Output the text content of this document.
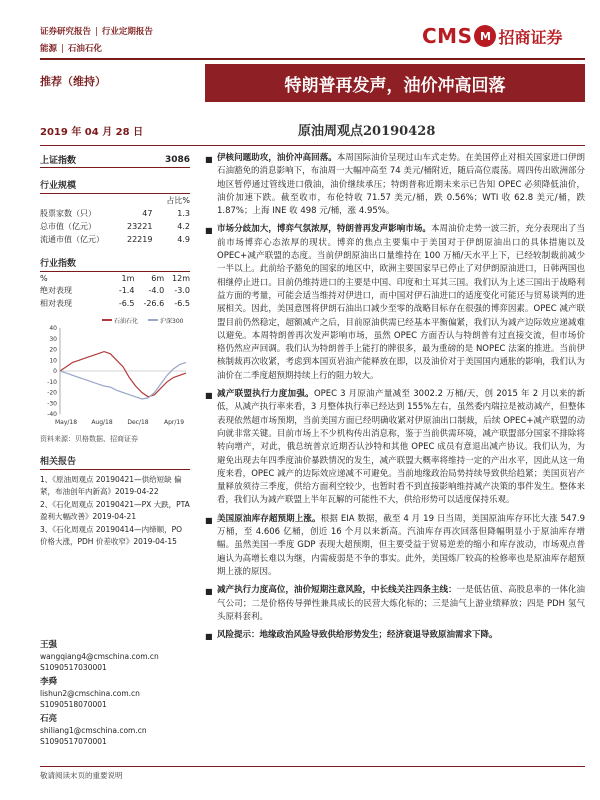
证券研究报告 | 行业定期报告
能源 | 石油石化
CMS M 招商证券
推荐（维持）	特朗普再发声，油价冲高回落
2019 年 04 月 28 日	原油周观点20190428
上证指数	3086
行业规模
		占比%
股票家数（只）	47	1.3
总市值（亿元）	23221	4.2
流通市值（亿元）	22219	4.9
行业指数
%	1m	6m	12m
绝对表现	-1.4	-4.0	-3.0
相对表现	-6.5	-26.6	-6.5
石油石化	沪深300
40
30
20
10
0
-10
-20
-30
-40
May/18 Aug/18 Dec/18	Apr/19
资料来源：贝格数据、招商证券
相关报告
1、《原油周观点 20190421—供给短缺 偏紧，布油创年内新高》2019-04-22
2、《石化周观点 20190421—PX 大跌，PTA 盈利大幅改善》2019-04-21
3、《石化周观点 20190414—内缔顺，PO 价格大涨，PDH 价差收窄》2019-04-15
王强
wangqiang4@cmschina.com.cn
S1090517030001
李舜
lishun2@cmschina.com.cn
S1090518070001
石亮
shiliang1@cmschina.com.cn
S1090517070001
■ 伊核问题助攻，油价冲高回落。本周国际油价呈现过山车式走势。在美国停止对相关国家进口伊朗石油豁免的消息影响下，布油周一大幅冲高至 74 美元/桶附近，随后高位震荡。周四传出欧洲部分地区暂停通过管线进口俄油，油价继续承压；特朗普称近期未来示已告知 OPEC 必须降低油价，油价加速下跌。截至收市，布伦特收 71.57 美元/桶，跌 0.56%；WTI 收 62.8 美元/桶，跌 1.87%；上海 INE 收 498 元/桶，涨 4.95%。
■ 市场分歧加大，博弈气氛浓厚，特朗普再发声影响市场。本周油价走势一波三折，充分表现出了当前市场博弈心态浓厚的现状。博弈的焦点主要集中于美国对于伊朗原油出口的具体措施以及 OPEC+减产联盟的态度。当前伊朗原油出口量维持在 100 万桶/天水平上下，已经较制裁前减少一半以上。此前给予豁免的国家的地区中，欧洲主要国家早已停止了对伊朗原油进口，日韩两国也相继停止进口。目前仍维持进口的主要是中国、印度和土耳其三国。我们认为上述三国出于战略利益方面的考量，可能会适当维持对伊进口，而中国对伊石油进口的适度变化可能还与贸易谈判的进展相关。因此，美国意图将伊朗石油出口减少至零的战略目标存在很强的博弈因素。OPEC 减产联盟目前仍然稳定，超额减产之后，目前原油供需已经基本平衡偏紧，我们认为减产边际效应递减难以避免。本周特朗普再次发声影响市场，虽然 OPEC 方面否认与特朗普有过直接交流，但市场价格仍然应声回调。我们认为特朗普手上能打的牌很多，最为重磅的是 NOPEC 法案的推进。当前伊核制裁再次收紧，考虑到本国页岩油产能释放在即，以及油价对于美国国内通胀的影响，我们认为油价在二季度超预期持续上行的阻力较大。
■ 减产联盟执行力度加强。OPEC 3 月原油产量减至 3002.2 万桶/天，创 2015 年 2 月以来的新低，从减产执行率来看，3 月整体执行率已经达到 155%左右，虽然委内瑞拉是被动减产，但整体表现依然超市场预期，当前美国方面已经明确收紧对伊原油出口制裁，后续 OPEC+减产联盟的动向就非常关键。目前市场上不少机构传出消息称，鉴于当前供需环境，减产联盟部分国家不排除将转向增产，对此，俄总统普京近期否认沙特和其他 OPEC 成员有意退出减产协议。我们认为，为避免出现去年四季度油价暴跌情况的发生，减产联盟大概率将维持一定的产出水平，因此从这一角度来看，OPEC 减产的边际效应递减不可避免。当前地缘政治局势持续导致供给趋紧；美国页岩产量释放须待三季度，供给方面利空较少，也暂时看不到直接影响维持减产决策的事件发生。整体来看，我们认为减产联盟上半年瓦解的可能性不大，供给形势可以适度保持乐观。
■ 美国原油库存超预期上涨。根据 EIA 数据，截至 4 月 19 日当周，美国原油库存环比大涨 547.9 万桶，至 4.606 亿桶，创近 16 个月以来新高。汽油库存再次回落但降幅明显小于原油库存增幅。虽然美国一季度 GDP 表现大超预期，但主要受益于贸易逆差的缩小和库存波动，市场观点普遍认为高增长难以为继，内需疲弱是不争的事实。此外，美国炼厂较高的检修率也是原油库存超预期上涨的原因。
■ 减产执行力度高位，油价短期注意风险，中长线关注四条主线：一是低估值、高股息率的一体化油气公司；二是价格传导弹性兼具成长的民营大炼化标的；三是油气上游业绩释放；四是 PDH 氢气头原料套利。
■ 风险提示：地缘政治风险导致供给形势发生；经济衰退导致原油需求下降。
敬请阅读末页的重要说明
